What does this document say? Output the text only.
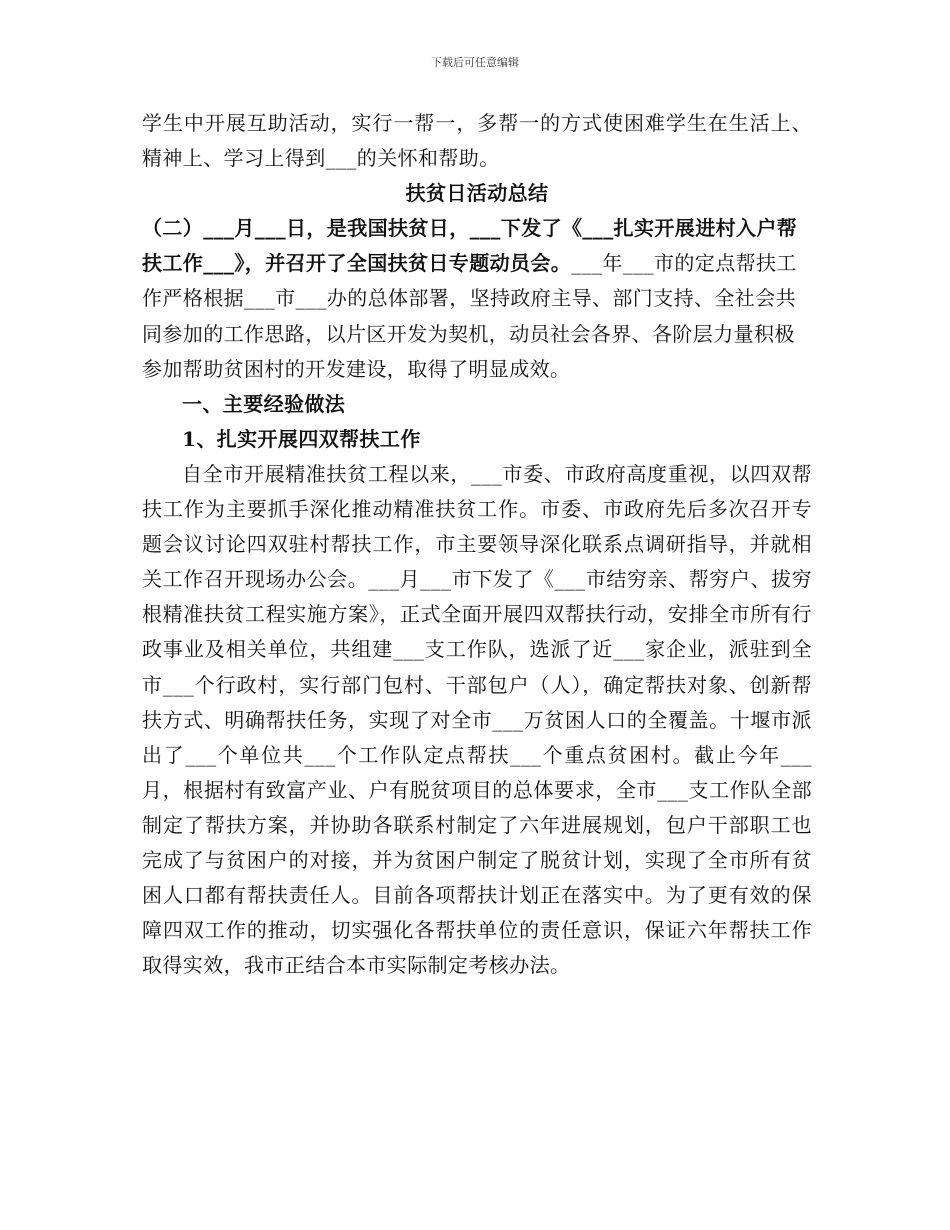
下载后可任意编辑

学生中开展互助活动，实行一帮一，多帮一的方式使困难学生在生活上、精神上、学习上得到___的关怀和帮助。

扶贫日活动总结

（二）___月___日，是我国扶贫日，___下发了《___扎实开展进村入户帮扶工作___》，并召开了全国扶贫日专题动员会。

___年___市的定点帮扶工作严格根据___市___办的总体部署，坚持政府主导、部门支持、全社会共同参加的工作思路，以片区开发为契机，动员社会各界、各阶层力量积极参加帮助贫困村的开发建设，取得了明显成效。

一、主要经验做法

1、扎实开展四双帮扶工作

自全市开展精准扶贫工程以来，___市委、市政府高度重视，以四双帮扶工作为主要抓手深化推动精准扶贫工作。市委、市政府先后多次召开专题会议讨论四双驻村帮扶工作，市主要领导深化联系点调研指导，并就相关工作召开现场办公会。___月___市下发了《___市结穷亲、帮穷户、拔穷根精准扶贫工程实施方案》，正式全面开展四双帮扶行动，安排全市所有行政事业及相关单位，共组建___支工作队，选派了近___家企业，派驻到全市___个行政村，实行部门包村、干部包户（人），确定帮扶对象、创新帮扶方式、明确帮扶任务，实现了对全市___万贫困人口的全覆盖。十堰市派出了___个单位共___个工作队定点帮扶___个重点贫困村。截止今年___月，根据村有致富产业、户有脱贫项目的总体要求，全市___支工作队全部制定了帮扶方案，并协助各联系村制定了六年进展规划，包户干部职工也完成了与贫困户的对接，并为贫困户制定了脱贫计划，实现了全市所有贫困人口都有帮扶责任人。目前各项帮扶计划正在落实中。为了更有效的保障四双工作的推动，切实强化各帮扶单位的责任意识，保证六年帮扶工作取得实效，我市正结合本市实际制定考核办法。
